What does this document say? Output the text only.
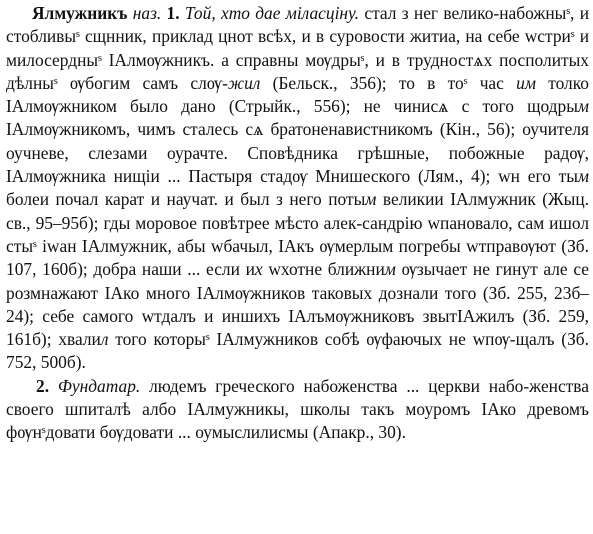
Ялмужникъ наз. 1. Той, хто дае міласціну. стал з нег велико-набожныˢ, и стобливыˢ сщнник, приклад цнот всѣх, и в суровости житиа, на себе wстриˢ и милосердныˢ ІАлмѹжникъ. а справны мѹдрыˢ, и в трудностѧх посполитых дѣлныˢ ѹбогим самъ слѹ-жил (Бельск., 356); то в тоˢ час им толко ІАлмѹжником было дано (Стрыйк., 556); не чинисѧ с того щодрым ІАлмѹжникомъ, чимъ сталесь сѧ братоненавистникомъ (Кін., 56); оучителя оучневе, слезами оурачте. Сповѣдника грѣшные, побожные радѹ, ІАлмѹжника нищіи ... Пастыря стадѹ Мнишеского (Лям., 4); wн его тым болеи почал карат и научат. и был з него потым великии ІАлмужник (Жыц. св., 95–95б); гды моровое повѣтрее мѣсто алек-сандрію wпановало, сам ишол стыˢ іwан ІАлмужник, абы wбачыл, ІАкъ ѹмерлым погребы wтправѹют (Зб. 107, 160б); добра наши ... если их wхотне ближним ѹзычает не гинут але се розмнажают ІАко много ІАлмѹжников таковых дознали того (Зб. 255, 23б–24); себе самого wтдалъ и иншихъ ІАлъмѹжниковъ звытІАжилъ (Зб. 259, 161б); хвалил того которыˢ ІАлмужников собѣ ѹфаючых не wпѹ-щалъ (Зб. 752, 500б).

2. Фундатар. людемъ греческого набоженства ... церкви набо-женства своего шпиталѣ албо ІАлмужникы, школы такъ моуромъ ІАко древомъ фѹнˢдовати бѹдовати ... оумыслилисмы (Апакр., 30).
